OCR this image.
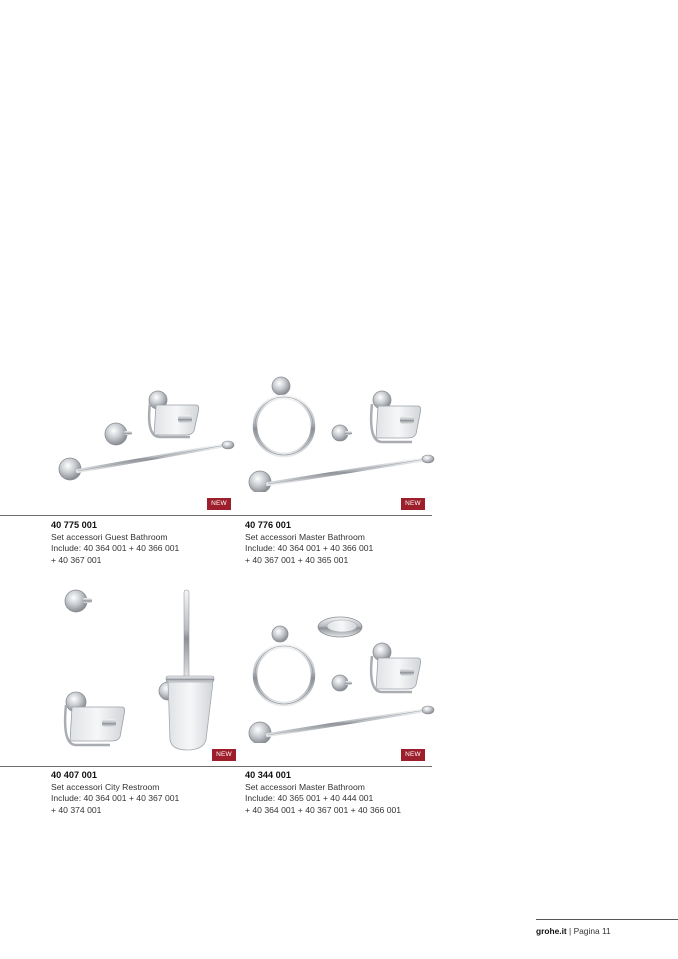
NEW	NEW
NEW	NEW
40 775 001
Set accessori Guest Bathroom
Include: 40 364 001 + 40 366 001
+ 40 367 001
40 776 001
Set accessori Master Bathroom
Include: 40 364 001 + 40 366 001
+ 40 367 001 + 40 365 001
40 407 001
Set accessori City Restroom
Include: 40 364 001 + 40 367 001
+ 40 374 001
40 344 001
Set accessori Master Bathroom
Include: 40 365 001 + 40 444 001
+ 40 364 001 + 40 367 001 + 40 366 001
grohe.it | Pagina 11
